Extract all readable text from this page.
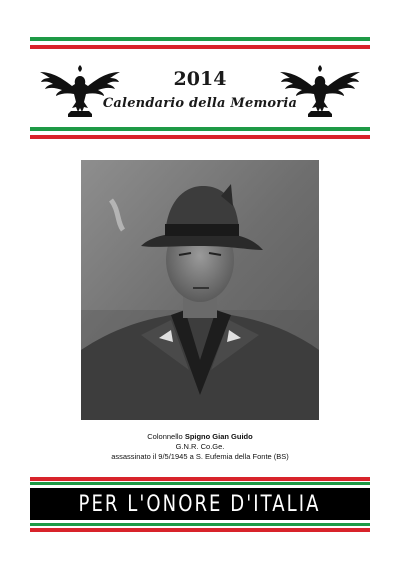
2014
Calendario della Memoria
Colonnello Spigno Gian Guido
G.N.R. Co.Ge.
assassinato il 9/5/1945 a S. Eufemia della Fonte (BS)
PER L'ONORE D'ITALIA
